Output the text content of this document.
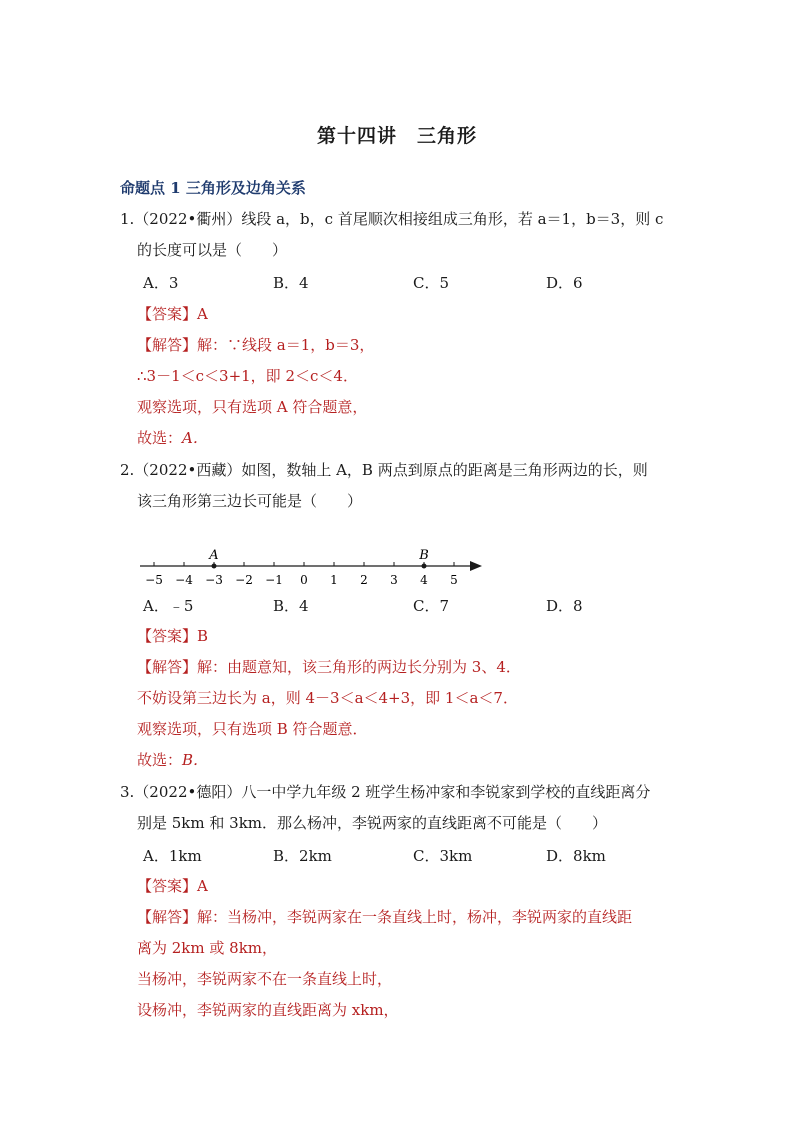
第十四讲　三角形
命题点 1 三角形及边角关系
1.（2022•衢州）线段 a，b，c 首尾顺次相接组成三角形，若 a＝1，b＝3，则 c
的长度可以是（　　）
A．3	B．4	C．5	D．6
【答案】A
【解答】解：∵线段 a＝1，b＝3，
∴3－1＜c＜3+1，即 2＜c＜4．
观察选项，只有选项 A 符合题意，
故选：A．
2.（2022•西藏）如图，数轴上 A，B 两点到原点的距离是三角形两边的长，则
该三角形第三边长可能是（　　）
−5 −4 −3 −2 −1 0 1 2 3 4 5
A	B
A．﹣5	B．4	C．7	D．8
【答案】B
【解答】解：由题意知，该三角形的两边长分别为 3、4．
不妨设第三边长为 a，则 4－3＜a＜4+3，即 1＜a＜7．
观察选项，只有选项 B 符合题意．
故选：B．
3.（2022•德阳）八一中学九年级 2 班学生杨冲家和李锐家到学校的直线距离分
别是 5km 和 3km．那么杨冲，李锐两家的直线距离不可能是（　　）
A．1km	B．2km	C．3km	D．8km
【答案】A
【解答】解：当杨冲，李锐两家在一条直线上时，杨冲，李锐两家的直线距
离为 2km 或 8km，
当杨冲，李锐两家不在一条直线上时，
设杨冲，李锐两家的直线距离为 xkm，
